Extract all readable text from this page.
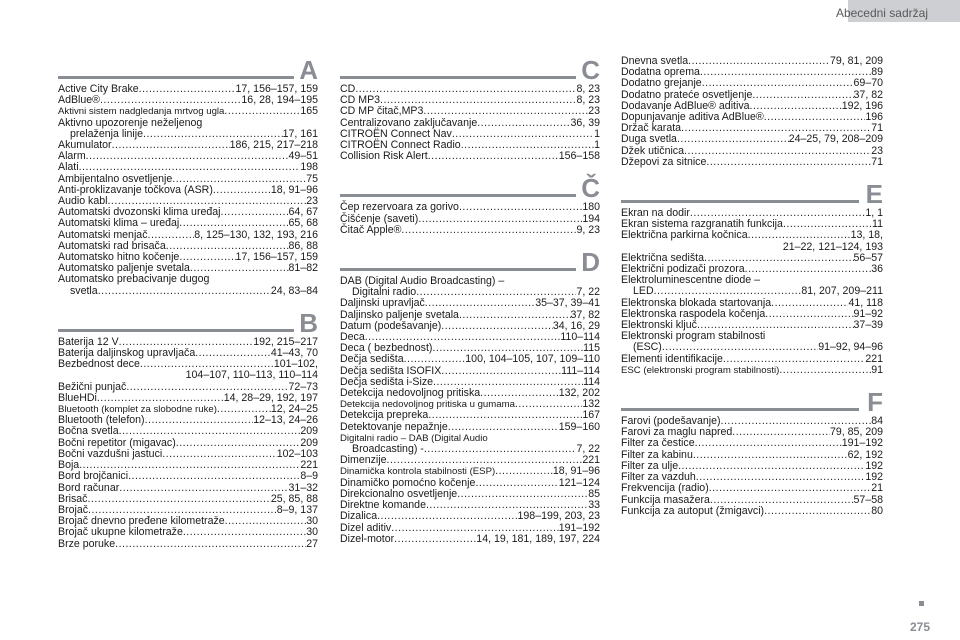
Abecedni sadržaj
A
Active City Brake .....	17, 156–157, 159
AdBlue® .....	16, 28, 194–195
Aktivni sistem nadgledanja mrtvog ugla .....	165
Aktivno upozorenje neželjenog
prelaženja linije .....	17, 161
Akumulator .....	186, 215, 217–218
Alarm .....	49–51
Alati .....	198
Ambijentalno osvetljenje .....	75
Anti-proklizavanje točkova (ASR) .....	18, 91–96
Audio kabl .....	23
Automatski dvozonski klima uređaj .....	64, 67
Automatski klima – uređaj .....	65, 68
Automatski menjač .....	8, 125–130, 132, 193, 216
Automatski rad brisača .....	86, 88
Automatsko hitno kočenje .....	17, 156–157, 159
Automatsko paljenje svetala .....	81–82
Automatsko prebacivanje dugog
svetla .....	24, 83–84
B
Baterija 12 V .....	192, 215–217
Baterija daljinskog upravljača .....	41–43, 70
Bezbednost dece .....	101–102,
104–107, 110–113, 110–114
Bežični punjač .....	72–73
BlueHDi .....	14, 28–29, 192, 197
Bluetooth (komplet za slobodne ruke) .....	12, 24–25
Bluetooth (telefon) .....	12–13, 24–26
Bočna svetla .....	209
Bočni repetitor (migavac) .....	209
Bočni vazdušni jastuci .....	102–103
Boja .....	221
Bord brojčanici .....	8–9
Bord računar .....	31–32
Brisač .....	25, 85, 88
Brojač .....	8–9, 137
Brojač dnevno pređene kilometraže .....	30
Brojač ukupne kilometraže .....	30
Brze poruke .....	27
C
CD .....	8, 23
CD MP3 .....	8, 23
CD MP čitač,MP3 .....	23
Centralizovano zaključavanje .....	36, 39
CITROËN Connect Nav .....	1
CITROËN Connect Radio .....	1
Collision Risk Alert .....	156–158
Č
Čep rezervoara za gorivo .....	180
Čišćenje (saveti) .....	194
Čitač Apple® .....	9, 23
D
DAB (Digital Audio Broadcasting) –
Digitalni radio .....	7, 22
Daljinski upravljač .....	35–37, 39–41
Daljinsko paljenje svetala .....	37, 82
Datum (podešavanje) .....	34, 16, 29
Deca .....	110–114
Deca ( bezbednost) .....	115
Dečja sedišta .....	100, 104–105, 107, 109–110
Dečja sedišta ISOFIX .....	111–114
Dečja sedišta i-Size .....	114
Detekcija nedovoljnog pritiska .....	132, 202
Detekcija nedovoljnog pritiska u gumama .....	132
Detekcija prepreka .....	167
Detektovanje nepažnje .....	159–160
Digitalni radio – DAB (Digital Audio
Broadcasting) - .....	7, 22
Dimenzije .....	221
Dinamička kontrola stabilnosti (ESP) .....	18, 91–96
Dinamičko pomoćno kočenje .....	121–124
Direkcionalno osvetljenje .....	85
Direktne komande .....	33
Dizalica .....	198–199, 203, 23
Dizel aditiv .....	191–192
Dizel-motor .....	14, 19, 181, 189, 197, 224
Dnevna svetla .....	79, 81, 209
Dodatna oprema .....	89
Dodatno grejanje .....	69–70
Dodatno prateće osvetljenje .....	37, 82
Dodavanje AdBlue® aditiva .....	192, 196
Dopunjavanje aditiva AdBlue® .....	196
Držač karata .....	71
Duga svetla .....	24–25, 79, 208–209
Džek utičnica .....	23
Džepovi za sitnice .....	71
E
Ekran na dodir .....	1, 1
Ekran sistema razgranatih funkcija .....	11
Električna parkirna kočnica .....	13, 18,
21–22, 121–124, 193
Električna sedišta .....	56–57
Električni podizači prozora .....	36
Elektroluminescentne diode –
LED .....	81, 207, 209–211
Elektronska blokada startovanja .....	41, 118
Elektronska raspodela kočenja .....	91–92
Elektronski ključ .....	37–39
Elektronski program stabilnosti
(ESC) .....	91–92, 94–96
Elementi identifikacije .....	221
ESC (elektronski program stabilnosti) .....	91
F
Farovi (podešavanje) .....	84
Farovi za maglu napred .....	79, 85, 209
Filter za čestice .....	191–192
Filter za kabinu .....	62, 192
Filter za ulje .....	192
Filter za vazduh .....	192
Frekvencija (radio) .....	21
Funkcija masažera .....	57–58
Funkcija za autoput (žmigavci) .....	80
275
